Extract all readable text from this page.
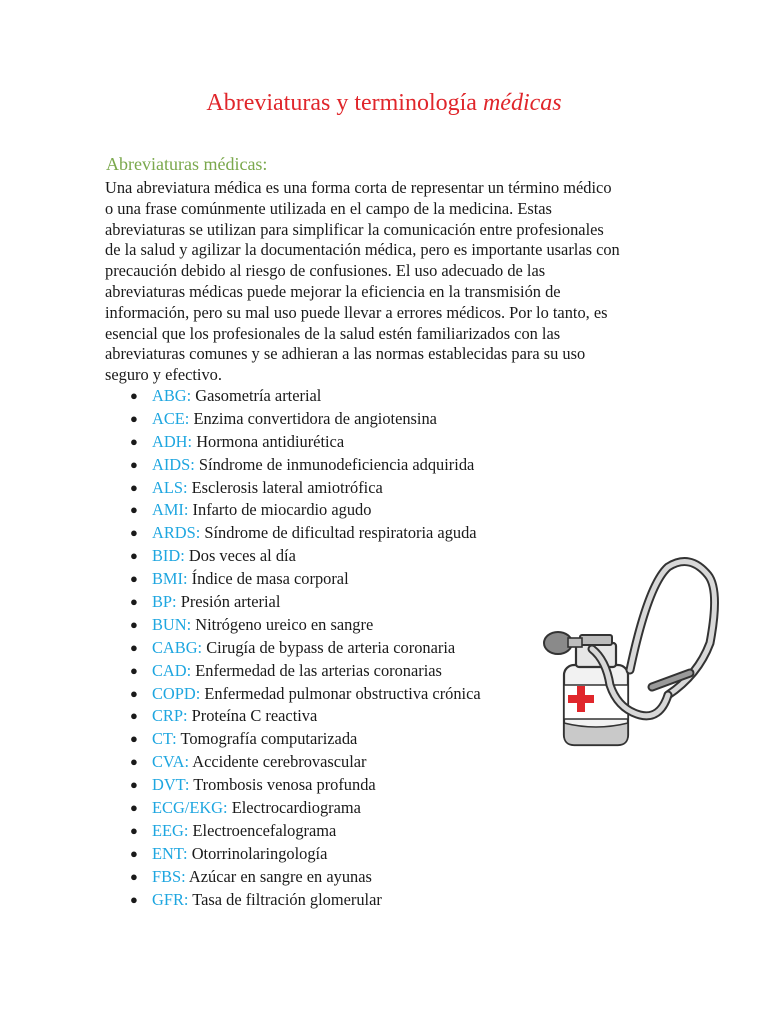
Abreviaturas y terminología médicas
Abreviaturas médicas:

Una abreviatura médica es una forma corta de representar un término médico
o una frase comúnmente utilizada en el campo de la medicina. Estas
abreviaturas se utilizan para simplificar la comunicación entre profesionales
de la salud y agilizar la documentación médica, pero es importante usarlas con
precaución debido al riesgo de confusiones. El uso adecuado de las
abreviaturas médicas puede mejorar la eficiencia en la transmisión de
información, pero su mal uso puede llevar a errores médicos. Por lo tanto, es
esencial que los profesionales de la salud estén familiarizados con las
abreviaturas comunes y se adhieran a las normas establecidas para su uso
seguro y efectivo.

● ABG: Gasometría arterial
● ACE: Enzima convertidora de angiotensina
● ADH: Hormona antidiurética
● AIDS: Síndrome de inmunodeficiencia adquirida
● ALS: Esclerosis lateral amiotrófica
● AMI: Infarto de miocardio agudo
● ARDS: Síndrome de dificultad respiratoria aguda
● BID: Dos veces al día
● BMI: Índice de masa corporal
● BP: Presión arterial
● BUN: Nitrógeno ureico en sangre
● CABG: Cirugía de bypass de arteria coronaria
● CAD: Enfermedad de las arterias coronarias
● COPD: Enfermedad pulmonar obstructiva crónica
● CRP: Proteína C reactiva
● CT: Tomografía computarizada
● CVA: Accidente cerebrovascular
● DVT: Trombosis venosa profunda
● ECG/EKG: Electrocardiograma
● EEG: Electroencefalograma
● ENT: Otorrinolaringología
● FBS: Azúcar en sangre en ayunas
● GFR: Tasa de filtración glomerular
